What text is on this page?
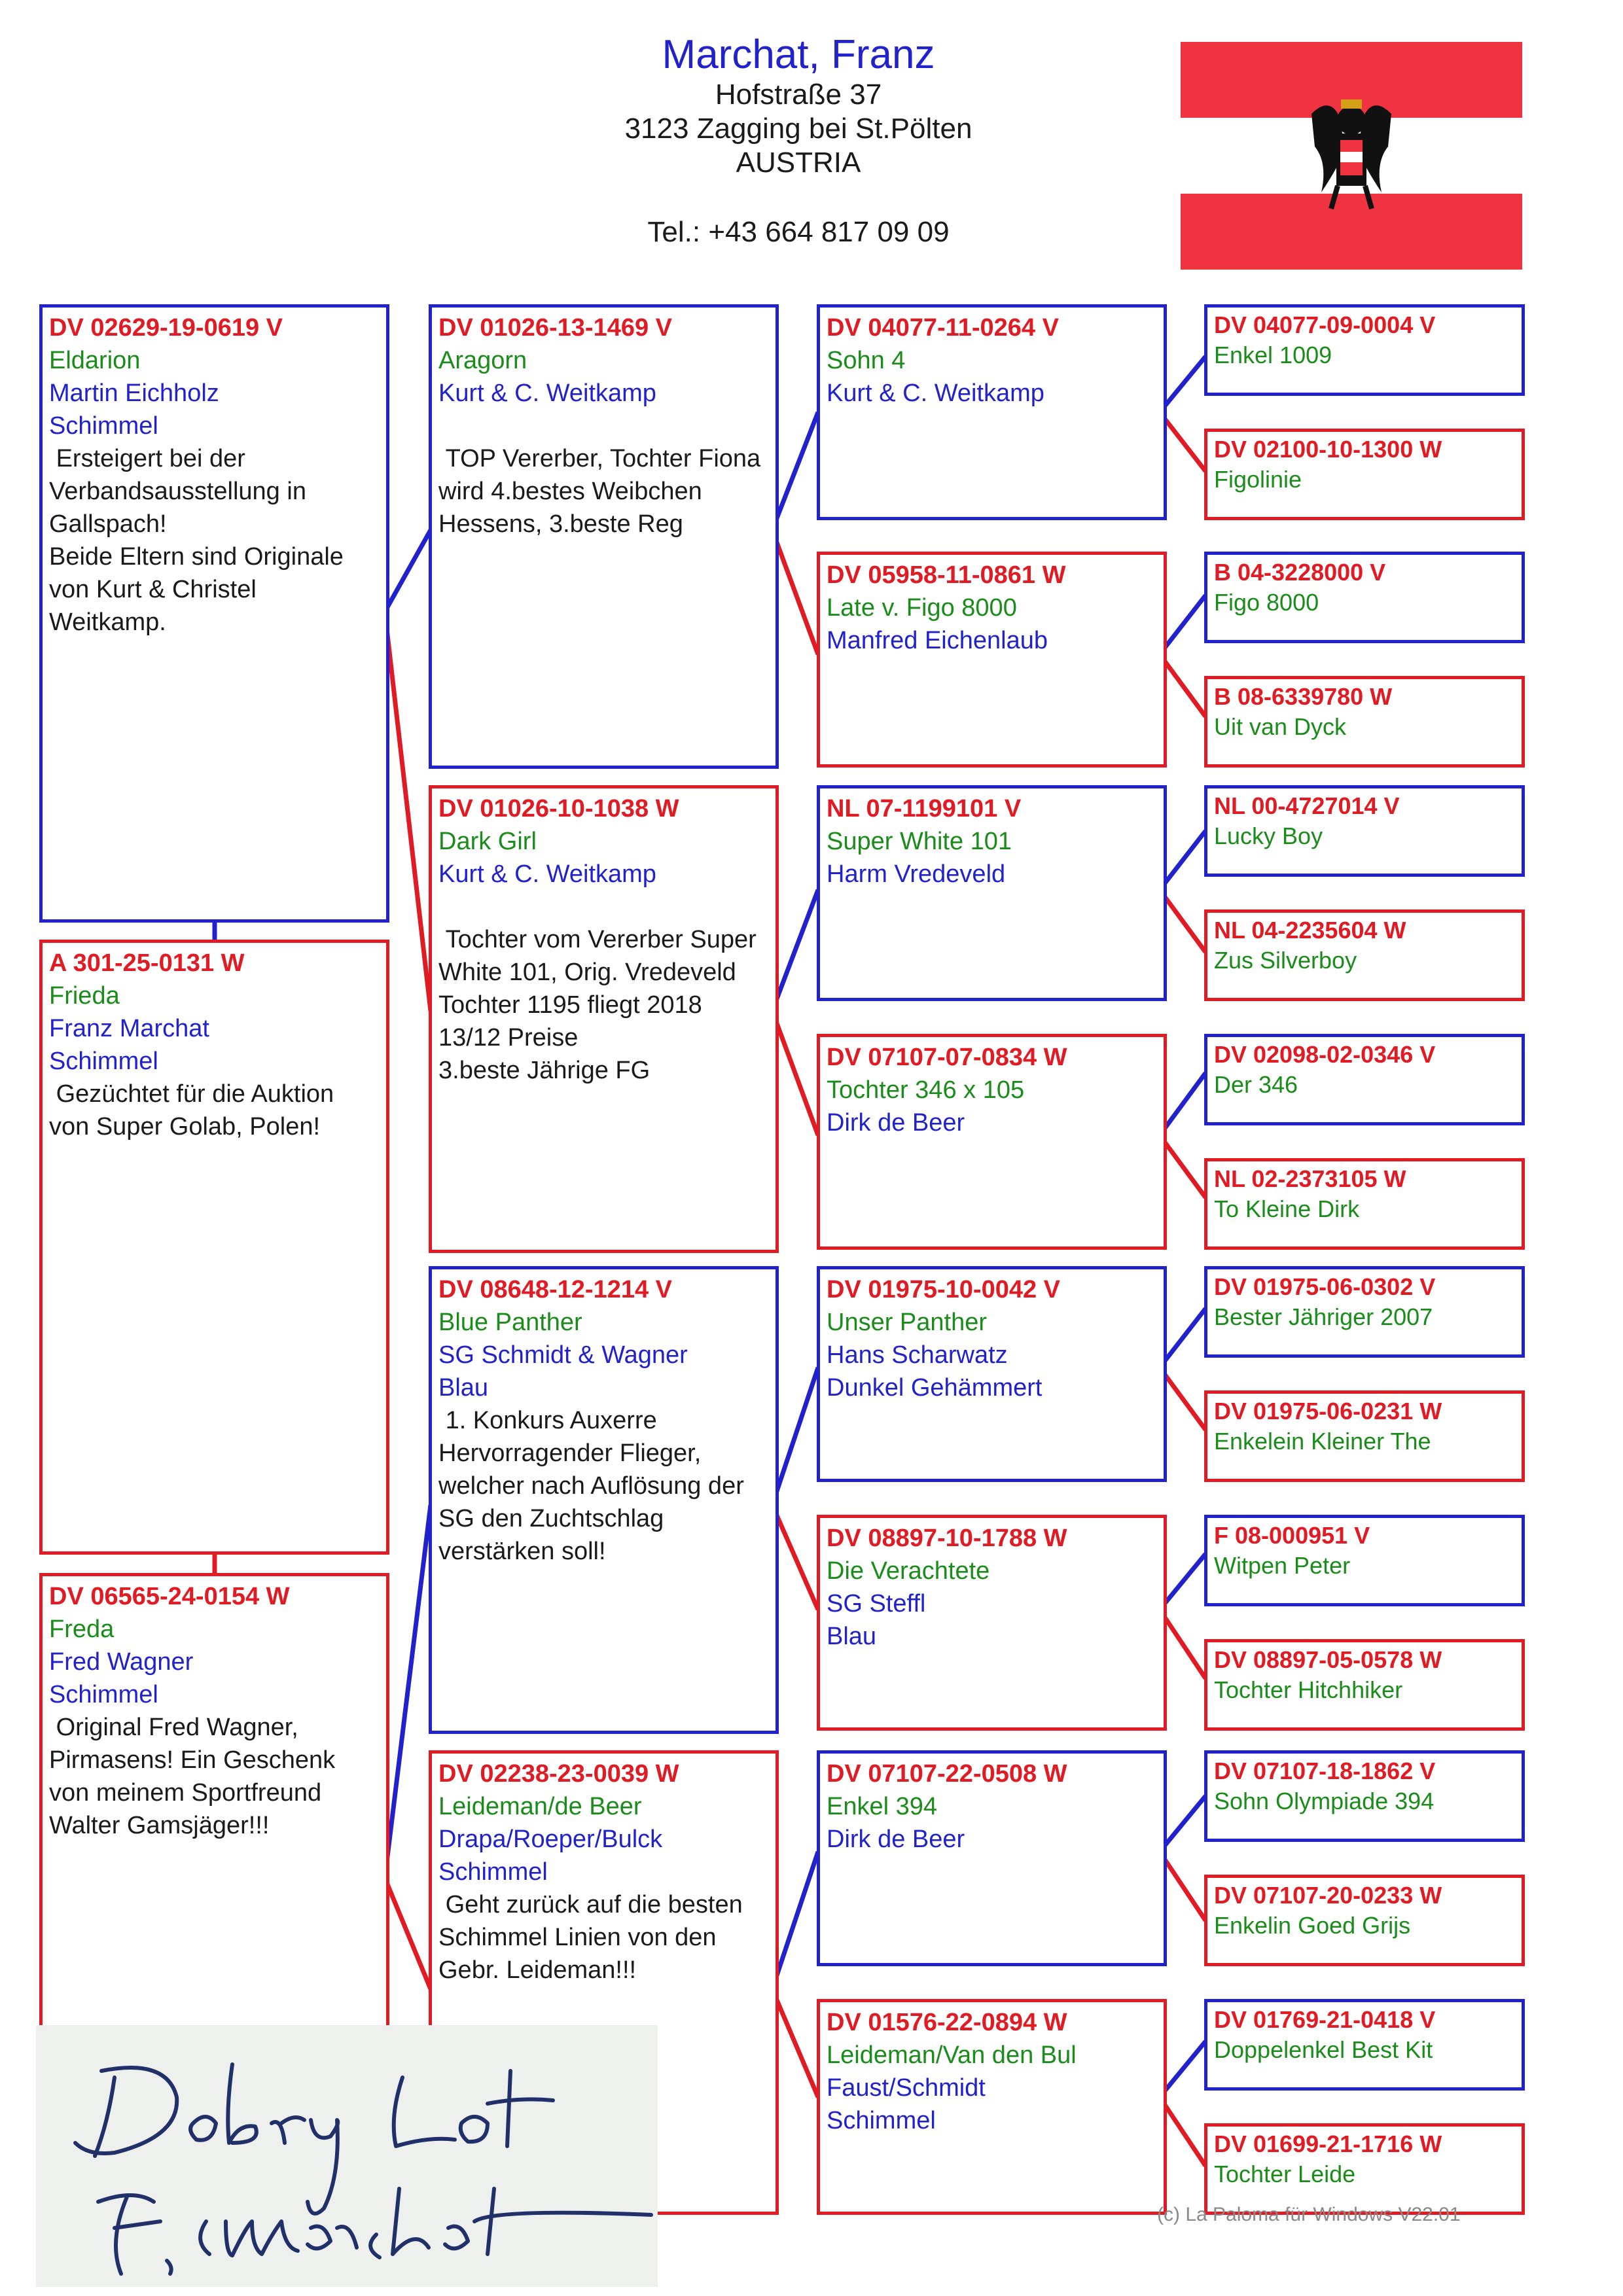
Marchat, Franz
Hofstraße 37
3123 Zagging bei St.Pölten
AUSTRIA
Tel.: +43 664 817 09 09
DV 02629-19-0619 V
Eldarion
Martin Eichholz
Schimmel
Ersteigert bei der Verbandsausstellung in Gallspach!
Beide Eltern sind Originale von Kurt & Christel Weitkamp.
A 301-25-0131 W
Frieda
Franz Marchat
Schimmel
Gezüchtet für die Auktion von Super Golab, Polen!
DV 06565-24-0154 W
Freda
Fred Wagner
Schimmel
Original Fred Wagner, Pirmasens! Ein Geschenk von meinem Sportfreund Walter Gamsjäger!!!
DV 01026-13-1469 V
Aragorn
Kurt & C. Weitkamp

TOP Vererber, Tochter Fiona wird 4.bestes Weibchen Hessens, 3.beste Reg
DV 01026-10-1038 W
Dark Girl
Kurt & C. Weitkamp

Tochter vom Vererber Super White 101, Orig. Vredeveld
Tochter 1195 fliegt 2018 13/12 Preise
3.beste Jährige FG
DV 08648-12-1214 V
Blue Panther
SG Schmidt & Wagner
Blau
1. Konkurs Auxerre
Hervorragender Flieger, welcher nach Auflösung der SG den Zuchtschlag verstärken soll!
DV 02238-23-0039 W
Leideman/de Beer
Drapa/Roeper/Bulck
Schimmel
Geht zurück auf die besten Schimmel Linien von den Gebr. Leideman!!!
DV 04077-11-0264 V
Sohn 4
Kurt & C. Weitkamp
DV 05958-11-0861 W
Late v. Figo 8000
Manfred Eichenlaub
NL 07-1199101 V
Super White 101
Harm Vredeveld
DV 07107-07-0834 W
Tochter 346 x 105
Dirk de Beer
DV 01975-10-0042 V
Unser Panther
Hans Scharwatz
Dunkel Gehämmert
DV 08897-10-1788 W
Die Verachtete
SG Steffl
Blau
DV 07107-22-0508 W
Enkel 394
Dirk de Beer
DV 01576-22-0894 W
Leideman/Van den Bul
Faust/Schmidt
Schimmel
DV 04077-09-0004 V
Enkel 1009
DV 02100-10-1300 W
Figolinie
B 04-3228000 V
Figo 8000
B 08-6339780 W
Uit van Dyck
NL 00-4727014 V
Lucky Boy
NL 04-2235604 W
Zus Silverboy
DV 02098-02-0346 V
Der 346
NL 02-2373105 W
To Kleine Dirk
DV 01975-06-0302 V
Bester Jähriger 2007
DV 01975-06-0231 W
Enkelein Kleiner The
F 08-000951 V
Witpen Peter
DV 08897-05-0578 W
Tochter Hitchhiker
DV 07107-18-1862 V
Sohn Olympiade 394
DV 07107-20-0233 W
Enkelin Goed Grijs
DV 01769-21-0418 V
Doppelenkel Best Kit
DV 01699-21-1716 W
Tochter Leide
(c) La Paloma für Windows V22.01
